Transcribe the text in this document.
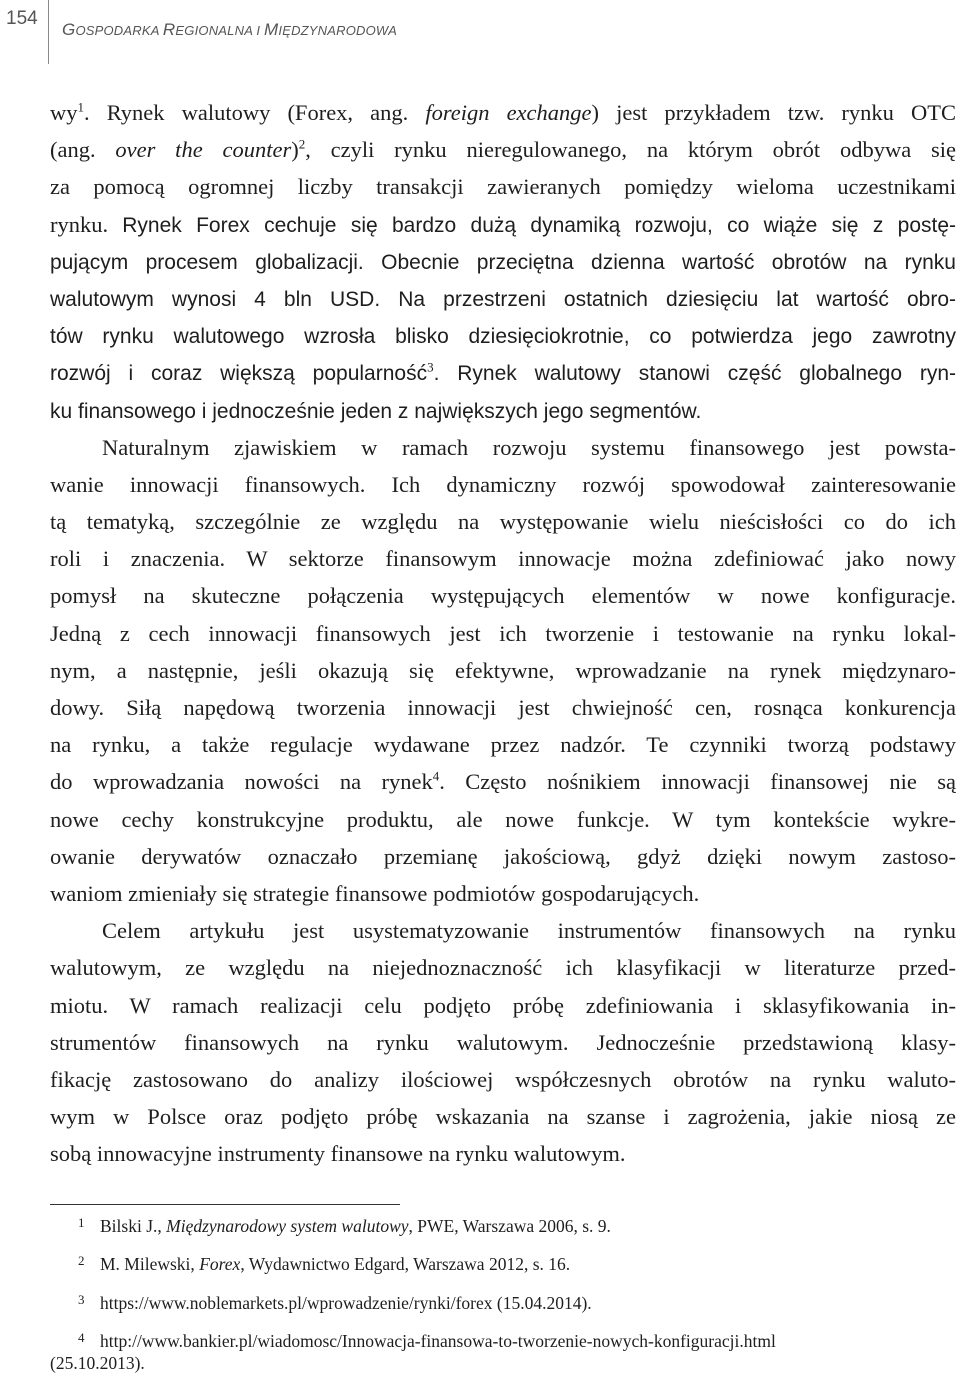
154
GOSPODARKA REGIONALNA I MIĘDZYNARODOWA
$wy^1$. Rynek walutowy (Forex, ang. foreign exchange) jest przykładem tzw. rynku OTC
(ang. over the counter)$^2$, czyli rynku nieregulowanego, na którym obrót odbywa się
za pomocą ogromnej liczby transakcji zawieranych pomiędzy wieloma uczestnikami
rynku. Rynek Forex cechuje się bardzo dużą dynamiką rozwoju, co wiąże się z postę-
pującym procesem globalizacji. Obecnie przeciętna dzienna wartość obrotów na rynku
walutowym wynosi 4 bln USD. Na przestrzeni ostatnich dziesięciu lat wartość obro-
tów rynku walutowego wzrosła blisko dziesięciokrotnie, co potwierdza jego zawrotny
rozwój i coraz większą popularność$^3$. Rynek walutowy stanowi część globalnego ryn-
ku finansowego i jednocześnie jeden z największych jego segmentów.
Naturalnym zjawiskiem w ramach rozwoju systemu finansowego jest powsta-
wanie innowacji finansowych. Ich dynamiczny rozwój spowodował zainteresowanie
tą tematyką, szczególnie ze względu na występowanie wielu nieścisłości co do ich
roli i znaczenia. W sektorze finansowym innowacje można zdefiniować jako nowy
pomysł na skuteczne połączenia występujących elementów w nowe konfiguracje.
Jedną z cech innowacji finansowych jest ich tworzenie i testowanie na rynku lokal-
nym, a następnie, jeśli okazują się efektywne, wprowadzanie na rynek międzynaro-
dowy. Siłą napędową tworzenia innowacji jest chwiejność cen, rosnąca konkurencja
na rynku, a także regulacje wydawane przez nadzór. Te czynniki tworzą podstawy
do wprowadzania nowości na rynek$^4$. Często nośnikiem innowacji finansowej nie są
nowe cechy konstrukcyjne produktu, ale nowe funkcje. W tym kontekście wykre-
owanie derywatów oznaczało przemianę jakościową, gdyż dzięki nowym zastoso-
waniom zmieniały się strategie finansowe podmiotów gospodarujących.
Celem artykułu jest usystematyzowanie instrumentów finansowych na rynku
walutowym, ze względu na niejednoznaczność ich klasyfikacji w literaturze przed-
miotu. W ramach realizacji celu podjęto próbę zdefiniowania i sklasyfikowania in-
strumentów finansowych na rynku walutowym. Jednocześnie przedstawioną klasy-
fikację zastosowano do analizy ilościowej współczesnych obrotów na rynku waluto-
wym w Polsce oraz podjęto próbę wskazania na szanse i zagrożenia, jakie niosą ze
sobą innowacyjne instrumenty finansowe na rynku walutowym.
1 Bilski J., Międzynarodowy system walutowy, PWE, Warszawa 2006, s. 9.
2 M. Milewski, Forex, Wydawnictwo Edgard, Warszawa 2012, s. 16.
3 https://www.noblemarkets.pl/wprowadzenie/rynki/forex (15.04.2014).
4 http://www.bankier.pl/wiadomosc/Innowacja-finansowa-to-tworzenie-nowych-konfiguracji.html
(25.10.2013).
